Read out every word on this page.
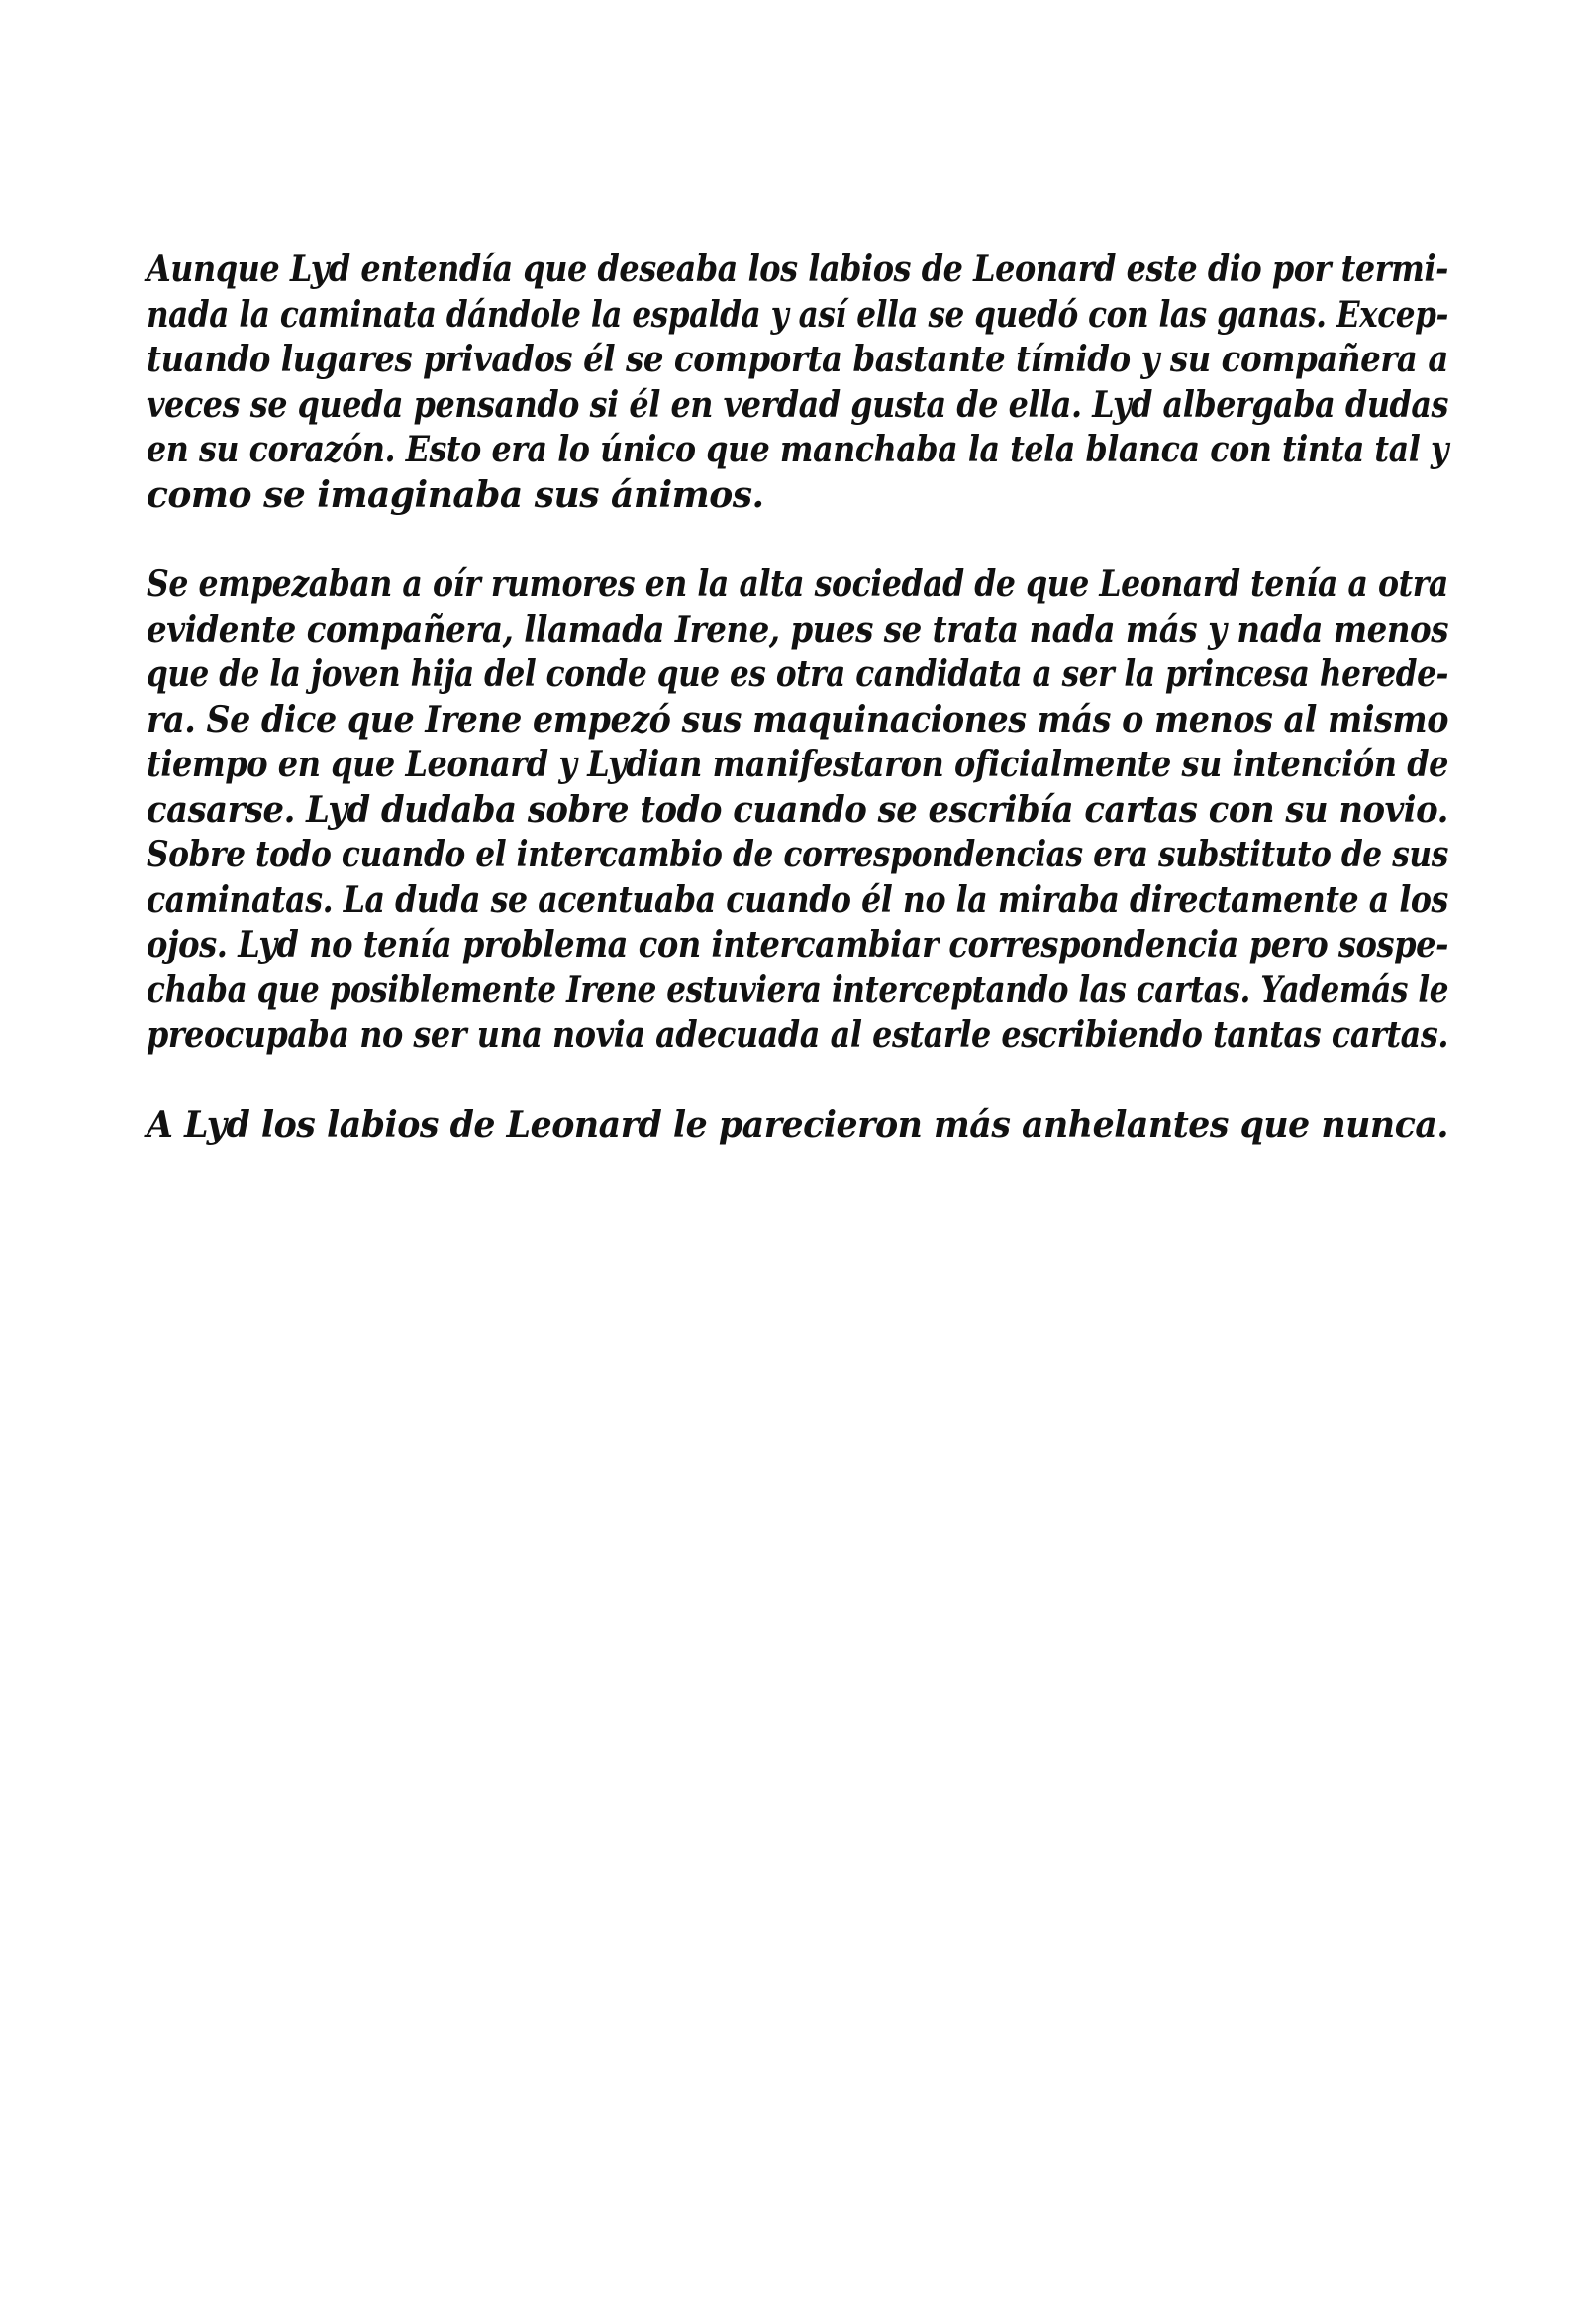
Aunque Lyd entendía que deseaba los labios de Leonard este dio por termi-
nada la caminata dándole la espalda y así ella se quedó con las ganas. Excep-
tuando lugares privados él se comporta bastante tímido y su compañera a
veces se queda pensando si él en verdad gusta de ella. Lyd albergaba dudas
en su corazón. Esto era lo único que manchaba la tela blanca con tinta tal y
como se imaginaba sus ánimos.
Se empezaban a oír rumores en la alta sociedad de que Leonard tenía a otra
evidente compañera, llamada Irene, pues se trata nada más y nada menos
que de la joven hija del conde que es otra candidata a ser la princesa herede-
ra. Se dice que Irene empezó sus maquinaciones más o menos al mismo
tiempo en que Leonard y Lydian manifestaron oficialmente su intención de
casarse. Lyd dudaba sobre todo cuando se escribía cartas con su novio.
Sobre todo cuando el intercambio de correspondencias era substituto de sus
caminatas. La duda se acentuaba cuando él no la miraba directamente a los
ojos. Lyd no tenía problema con intercambiar correspondencia pero sospe-
chaba que posiblemente Irene estuviera interceptando las cartas. Yademás le
preocupaba no ser una novia adecuada al estarle escribiendo tantas cartas.
A Lyd los labios de Leonard le parecieron más anhelantes que nunca.
